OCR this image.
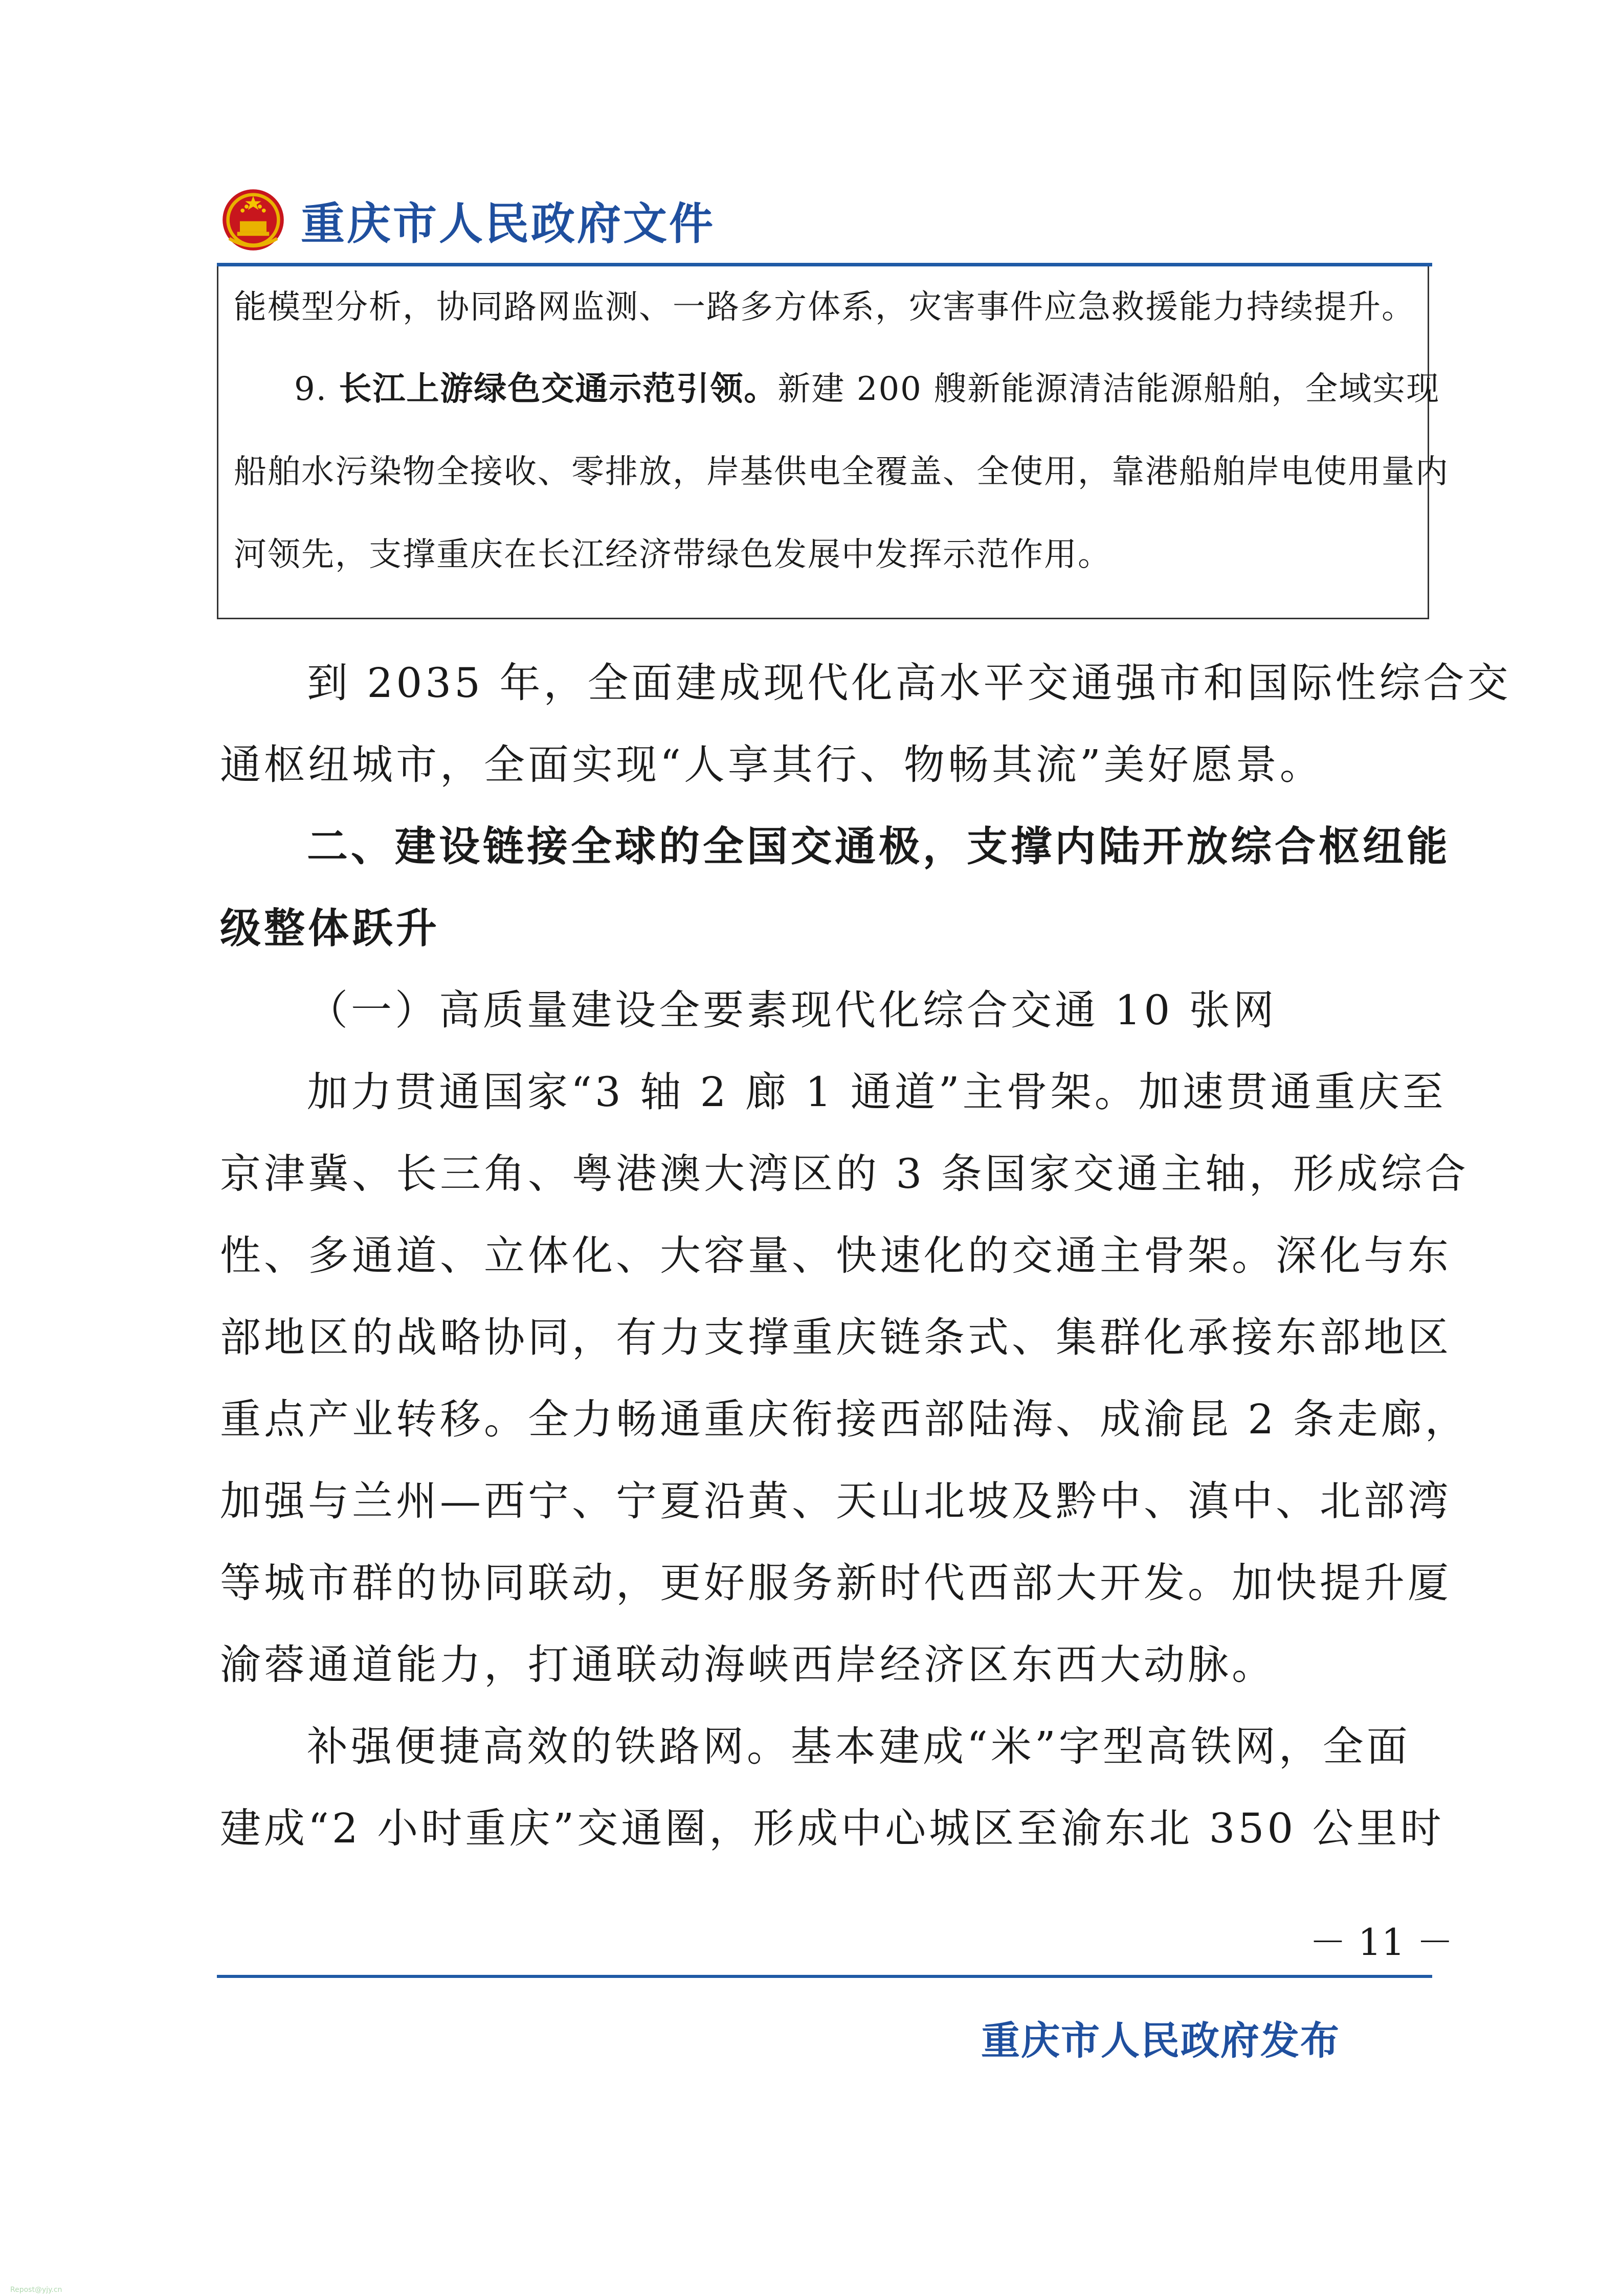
重庆市人民政府文件
能模型分析，协同路网监测、一路多方体系，灾害事件应急救援能力持续提升。
9. 长江上游绿色交通示范引领。新建 200 艘新能源清洁能源船舶，全域实现
船舶水污染物全接收、零排放，岸基供电全覆盖、全使用，靠港船舶岸电使用量内
河领先，支撑重庆在长江经济带绿色发展中发挥示范作用。
到 2035 年，全面建成现代化高水平交通强市和国际性综合交
通枢纽城市，全面实现“人享其行、物畅其流”美好愿景。
二、建设链接全球的全国交通极，支撑内陆开放综合枢纽能
级整体跃升
（一）高质量建设全要素现代化综合交通 10 张网
加力贯通国家“3 轴 2 廊 1 通道”主骨架。加速贯通重庆至
京津冀、长三角、粤港澳大湾区的 3 条国家交通主轴，形成综合
性、多通道、立体化、大容量、快速化的交通主骨架。深化与东
部地区的战略协同，有力支撑重庆链条式、集群化承接东部地区
重点产业转移。全力畅通重庆衔接西部陆海、成渝昆 2 条走廊，
加强与兰州—西宁、宁夏沿黄、天山北坡及黔中、滇中、北部湾
等城市群的协同联动，更好服务新时代西部大开发。加快提升厦
渝蓉通道能力，打通联动海峡西岸经济区东西大动脉。
补强便捷高效的铁路网。基本建成“米”字型高铁网，全面
建成“2 小时重庆”交通圈，形成中心城区至渝东北 350 公里时
－ 11 －
重庆市人民政府发布
Repost@yjy.cn
